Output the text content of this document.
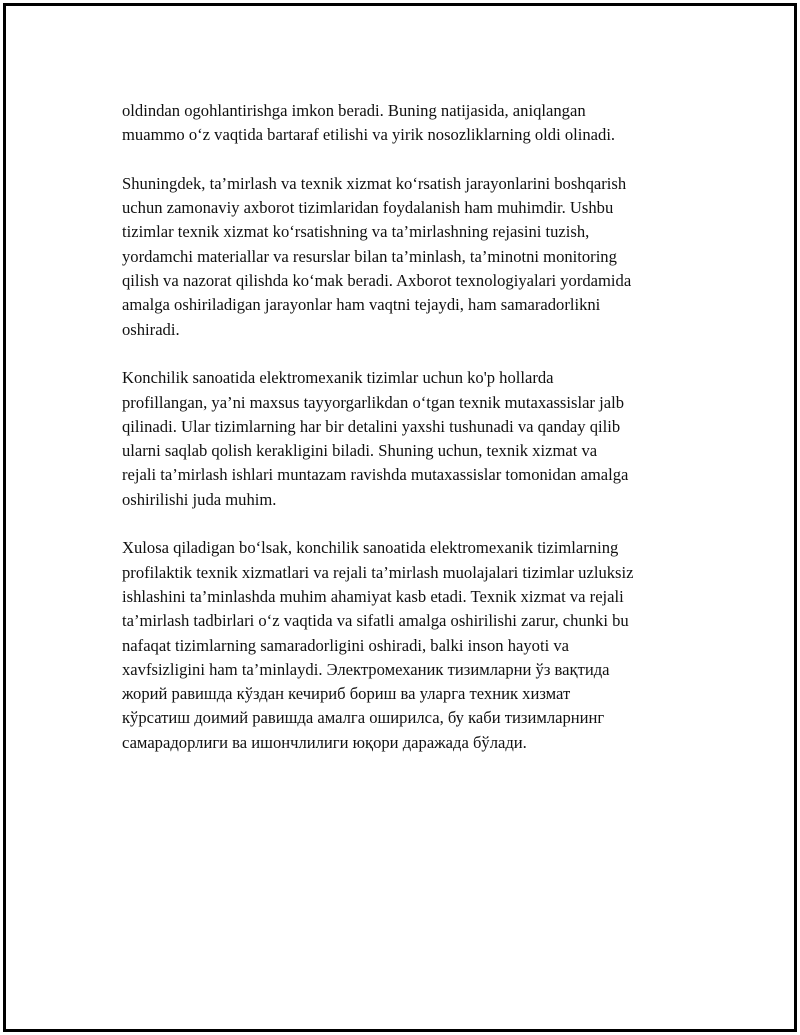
oldindan ogohlantirishga imkon beradi. Buning natijasida, aniqlangan
muammo o‘z vaqtida bartaraf etilishi va yirik nosozliklarning oldi olinadi.

Shuningdek, ta’mirlash va texnik xizmat ko‘rsatish jarayonlarini boshqarish
uchun zamonaviy axborot tizimlaridan foydalanish ham muhimdir. Ushbu
tizimlar texnik xizmat ko‘rsatishning va ta’mirlashning rejasini tuzish,
yordamchi materiallar va resurslar bilan ta’minlash, ta’minotni monitoring
qilish va nazorat qilishda ko‘mak beradi. Axborot texnologiyalari yordamida
amalga oshiriladigan jarayonlar ham vaqtni tejaydi, ham samaradorlikni
oshiradi.

Konchilik sanoatida elektromexanik tizimlar uchun ko'p hollarda
profillangan, ya’ni maxsus tayyorgarlikdan o‘tgan texnik mutaxassislar jalb
qilinadi. Ular tizimlarning har bir detalini yaxshi tushunadi va qanday qilib
ularni saqlab qolish kerakligini biladi. Shuning uchun, texnik xizmat va
rejali ta’mirlash ishlari muntazam ravishda mutaxassislar tomonidan amalga
oshirilishi juda muhim.

Xulosa qiladigan bo‘lsak, konchilik sanoatida elektromexanik tizimlarning
profilaktik texnik xizmatlari va rejali ta’mirlash muolajalari tizimlar uzluksiz
ishlashini ta’minlashda muhim ahamiyat kasb etadi. Texnik xizmat va rejali
ta’mirlash tadbirlari o‘z vaqtida va sifatli amalga oshirilishi zarur, chunki bu
nafaqat tizimlarning samaradorligini oshiradi, balki inson hayoti va
xavfsizligini ham ta’minlaydi. Электромеханик тизимларни ўз вақтида
жорий равишда кўздан кечириб бориш ва уларга техник хизмат
кўрсатиш доимий равишда амалга оширилса, бу каби тизимларнинг
самарадорлиги ва ишончлилиги юқори даражада бўлади.
